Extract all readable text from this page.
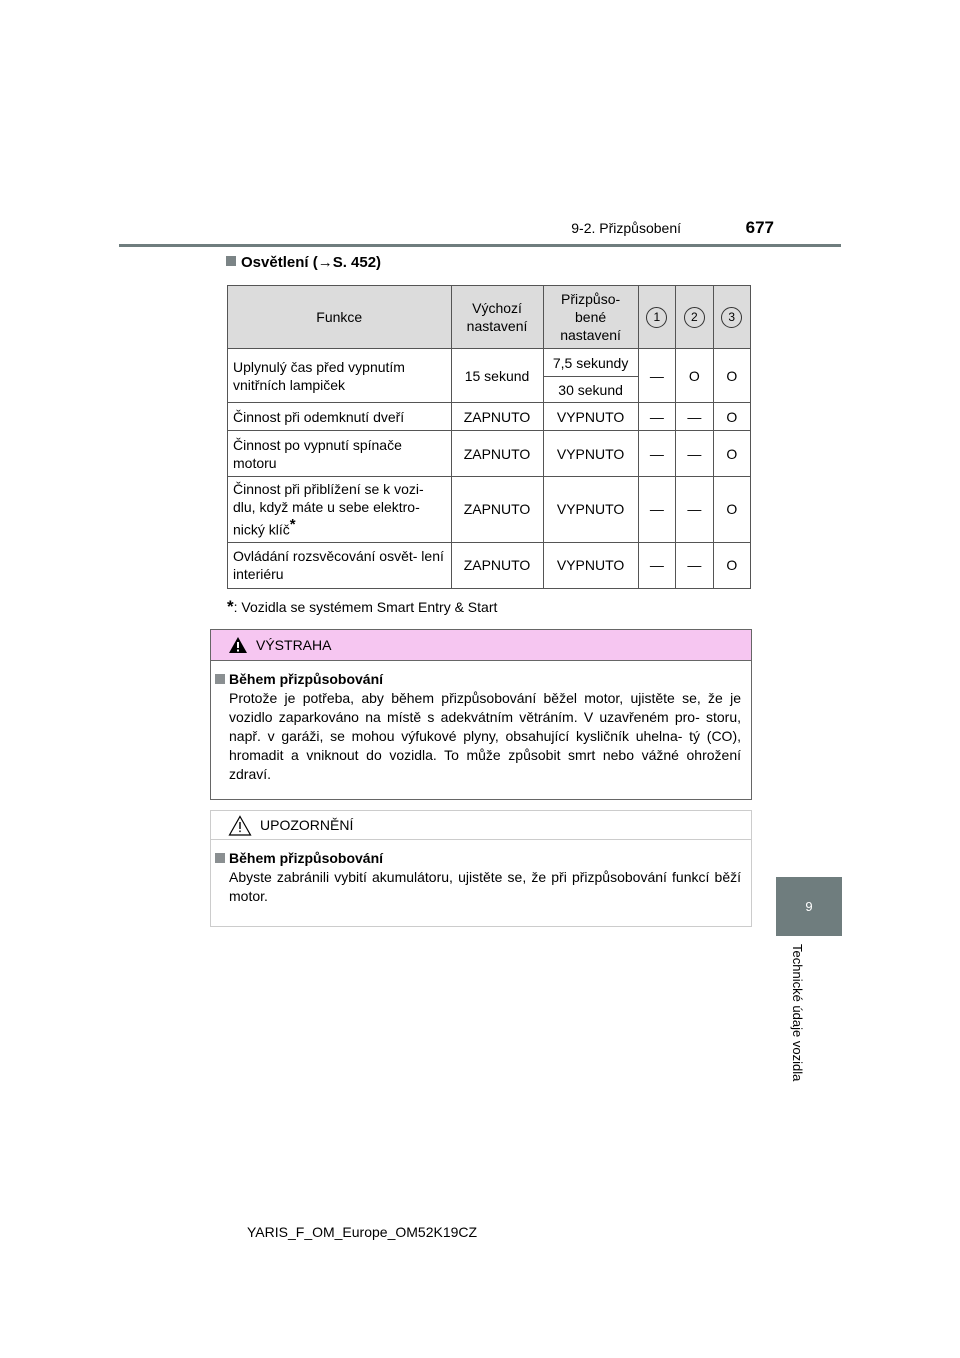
9-2. Přizpůsobení	677
9
Technické údaje vozidla
Osvětlení (→S. 452)
Funkce	Výchozí nastavení	Přizpůso- bené nastavení	1	2	3
Uplynulý čas před vypnutím vnitřních lampiček	15 sekund	7,5 sekundy	—	O	O
		30 sekund			
Činnost při odemknutí dveří	ZAPNUTO	VYPNUTO	—	—	O
Činnost po vypnutí spínače motoru	ZAPNUTO	VYPNUTO	—	—	O
Činnost při přiblížení se k vozi- dlu, když máte u sebe elektro- nický klíč*	ZAPNUTO	VYPNUTO	—	—	O
Ovládání rozsvěcování osvět- lení interiéru	ZAPNUTO	VYPNUTO	—	—	O
*: Vozidla se systémem Smart Entry & Start
VÝSTRAHA
Během přizpůsobování
Protože je potřeba, aby během přizpůsobování běžel motor, ujistěte se, že je vozidlo zaparkováno na místě s adekvátním větráním. V uzavřeném pro- storu, např. v garáži, se mohou výfukové plyny, obsahující kysličník uhelna- tý (CO), hromadit a vniknout do vozidla. To může způsobit smrt nebo vážné ohrožení zdraví.
UPOZORNĚNÍ
Během přizpůsobování
Abyste zabránili vybití akumulátoru, ujistěte se, že při přizpůsobování funkcí běží motor.
YARIS_F_OM_Europe_OM52K19CZ
